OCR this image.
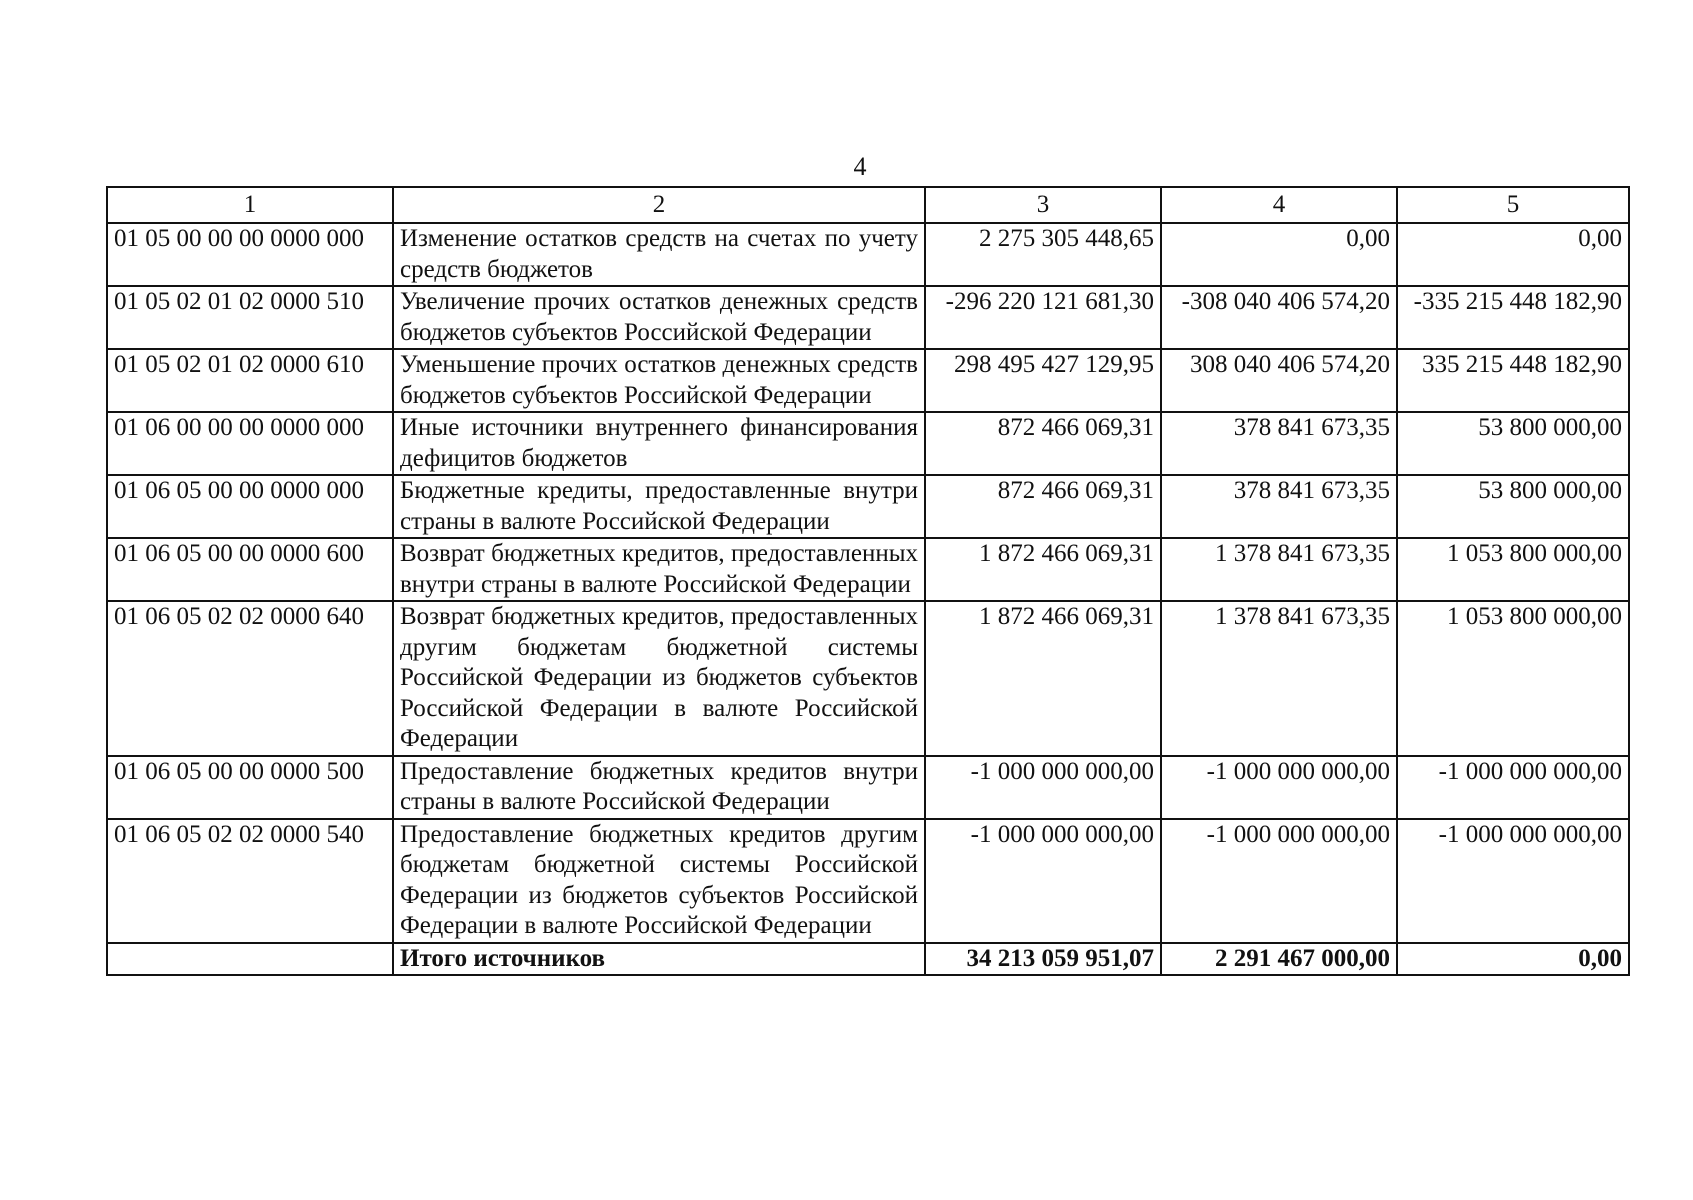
4
1	2	3	4	5
01 05 00 00 00 0000 000	Изменение остатков средств на счетах по учету средств бюджетов	2 275 305 448,65	0,00	0,00
01 05 02 01 02 0000 510	Увеличение прочих остатков денежных средств бюджетов субъектов Российской Федерации	-296 220 121 681,30	-308 040 406 574,20	-335 215 448 182,90
01 05 02 01 02 0000 610	Уменьшение прочих остатков денежных средств бюджетов субъектов Российской Федерации	298 495 427 129,95	308 040 406 574,20	335 215 448 182,90
01 06 00 00 00 0000 000	Иные источники внутреннего финансирования дефицитов бюджетов	872 466 069,31	378 841 673,35	53 800 000,00
01 06 05 00 00 0000 000	Бюджетные кредиты, предоставленные внутри страны в валюте Российской Федерации	872 466 069,31	378 841 673,35	53 800 000,00
01 06 05 00 00 0000 600	Возврат бюджетных кредитов, предоставленных внутри страны в валюте Российской Федерации	1 872 466 069,31	1 378 841 673,35	1 053 800 000,00
01 06 05 02 02 0000 640	Возврат бюджетных кредитов, предоставленных другим бюджетам бюджетной системы Российской Федерации из бюджетов субъектов Российской Федерации в валюте Российской Федерации	1 872 466 069,31	1 378 841 673,35	1 053 800 000,00
01 06 05 00 00 0000 500	Предоставление бюджетных кредитов внутри страны в валюте Российской Федерации	-1 000 000 000,00	-1 000 000 000,00	-1 000 000 000,00
01 06 05 02 02 0000 540	Предоставление бюджетных кредитов другим бюджетам бюджетной системы Российской Федерации из бюджетов субъектов Российской Федерации в валюте Российской Федерации	-1 000 000 000,00	-1 000 000 000,00	-1 000 000 000,00
	Итого источников	34 213 059 951,07	2 291 467 000,00	0,00
